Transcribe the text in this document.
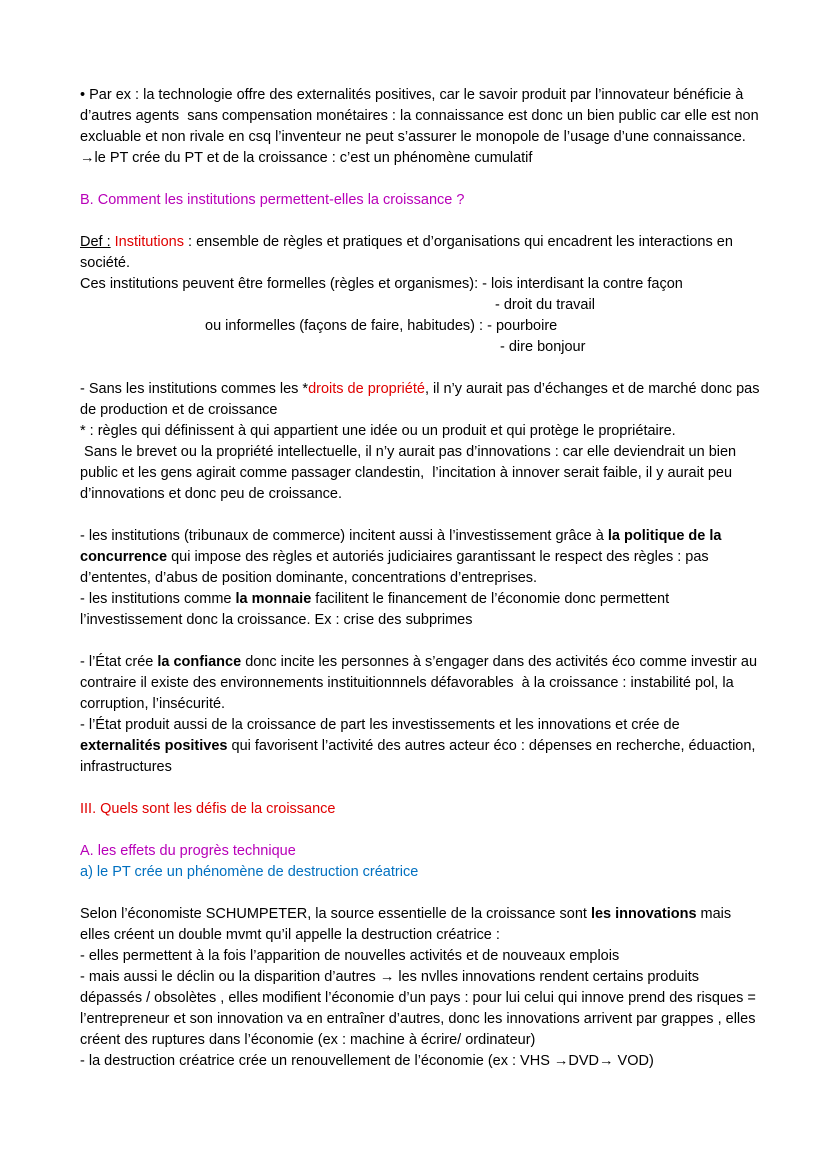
• Par ex : la technologie offre des externalités positives, car le savoir produit par l’innovateur bénéficie à  d’autres agents  sans compensation monétaires : la connaissance est donc un bien public car elle est non excluable et non rivale en csq l’inventeur ne peut s’assurer le monopole de l’usage d’une connaissance.
→le PT crée du PT et de la croissance : c’est un phénomène cumulatif
B. Comment les institutions permettent-elles la croissance ?
Def : Institutions : ensemble de règles et pratiques et d’organisations qui encadrent les interactions en société.
Ces institutions peuvent être formelles (règles et organismes): - lois interdisant la contre façon
- droit du travail
ou informelles (façons de faire, habitudes) : - pourboire
- dire bonjour
- Sans les institutions commes les *droits de propriété, il n’y aurait pas d’échanges et de marché donc pas de production et de croissance
* : règles qui définissent à qui appartient une idée ou un produit et qui protège le propriétaire.
Sans le brevet ou la propriété intellectuelle, il n’y aurait pas d’innovations : car elle deviendrait un bien public et les gens agirait comme passager clandestin,  l’incitation à innover serait faible, il y aurait peu d’innovations et donc peu de croissance.
- les institutions (tribunaux de commerce) incitent aussi à l’investissement grâce à la politique de la concurrence qui impose des règles et autoriés judiciaires garantissant le respect des règles : pas d’ententes, d’abus de position dominante, concentrations d’entreprises.
- les institutions comme la monnaie facilitent le financement de l’économie donc permettent l’investissement donc la croissance. Ex : crise des subprimes
- l’État crée la confiance donc incite les personnes à s’engager dans des activités éco comme investir au contraire il existe des environnements instituitionnnels défavorables  à la croissance : instabilité pol, la corruption, l’insécurité.
- l’État produit aussi de la croissance de part les investissements et les innovations et crée de externalités positives qui favorisent l’activité des autres acteur éco : dépenses en recherche, éduaction, infrastructures
III. Quels sont les défis de la croissance
A. les effets du progrès technique
a) le PT crée un phénomène de destruction créatrice
Selon l’économiste SCHUMPETER, la source essentielle de la croissance sont les innovations mais elles créent un double mvmt qu’il appelle la destruction créatrice :
- elles permettent à la fois l’apparition de nouvelles activités et de nouveaux emplois
- mais aussi le déclin ou la disparition d’autres → les nvlles innovations rendent certains produits dépassés / obsolètes , elles modifient l’économie d’un pays : pour lui celui qui innove prend des risques = l’entrepreneur et son innovation va en entraîner d’autres, donc les innovations arrivent par grappes , elles créent des ruptures dans l’économie (ex : machine à écrire/ ordinateur)
- la destruction créatrice crée un renouvellement de l’économie (ex : VHS →DVD→ VOD)
